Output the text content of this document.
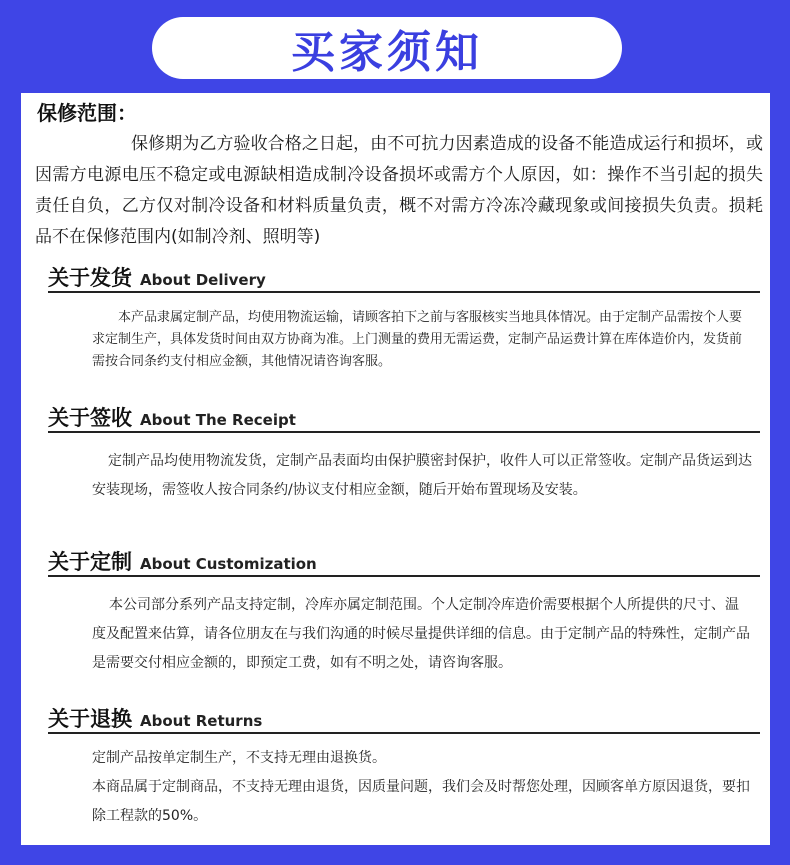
买家须知
保修范围：
保修期为乙方验收合格之日起，由不可抗力因素造成的设备不能造成运行和损坏，或因需方电源电压不稳定或电源缺相造成制冷设备损坏或需方个人原因，如：操作不当引起的损失责任自负，乙方仅对制冷设备和材料质量负责，概不对需方冷冻冷藏现象或间接损失负责。损耗品不在保修范围内(如制冷剂、照明等)
关于发货 About Delivery

本产品隶属定制产品，均使用物流运输，请顾客拍下之前与客服核实当地具体情况。由于定制产品需按个人要求定制生产，具体发货时间由双方协商为准。上门测量的费用无需运费，定制产品运费计算在库体造价内，发货前需按合同条约支付相应金额，其他情况请咨询客服。

关于签收 About The Receipt

定制产品均使用物流发货，定制产品表面均由保护膜密封保护，收件人可以正常签收。定制产品货运到达安装现场，需签收人按合同条约/协议支付相应金额，随后开始布置现场及安装。

关于定制 About Customization

本公司部分系列产品支持定制，冷库亦属定制范围。个人定制冷库造价需要根据个人所提供的尺寸、温度及配置来估算，请各位朋友在与我们沟通的时候尽量提供详细的信息。由于定制产品的特殊性，定制产品是需要交付相应金额的，即预定工费，如有不明之处，请咨询客服。

关于退换 About Returns

定制产品按单定制生产，不支持无理由退换货。

本商品属于定制商品，不支持无理由退货，因质量问题，我们会及时帮您处理，因顾客单方原因退货，要扣除工程款的50%。
